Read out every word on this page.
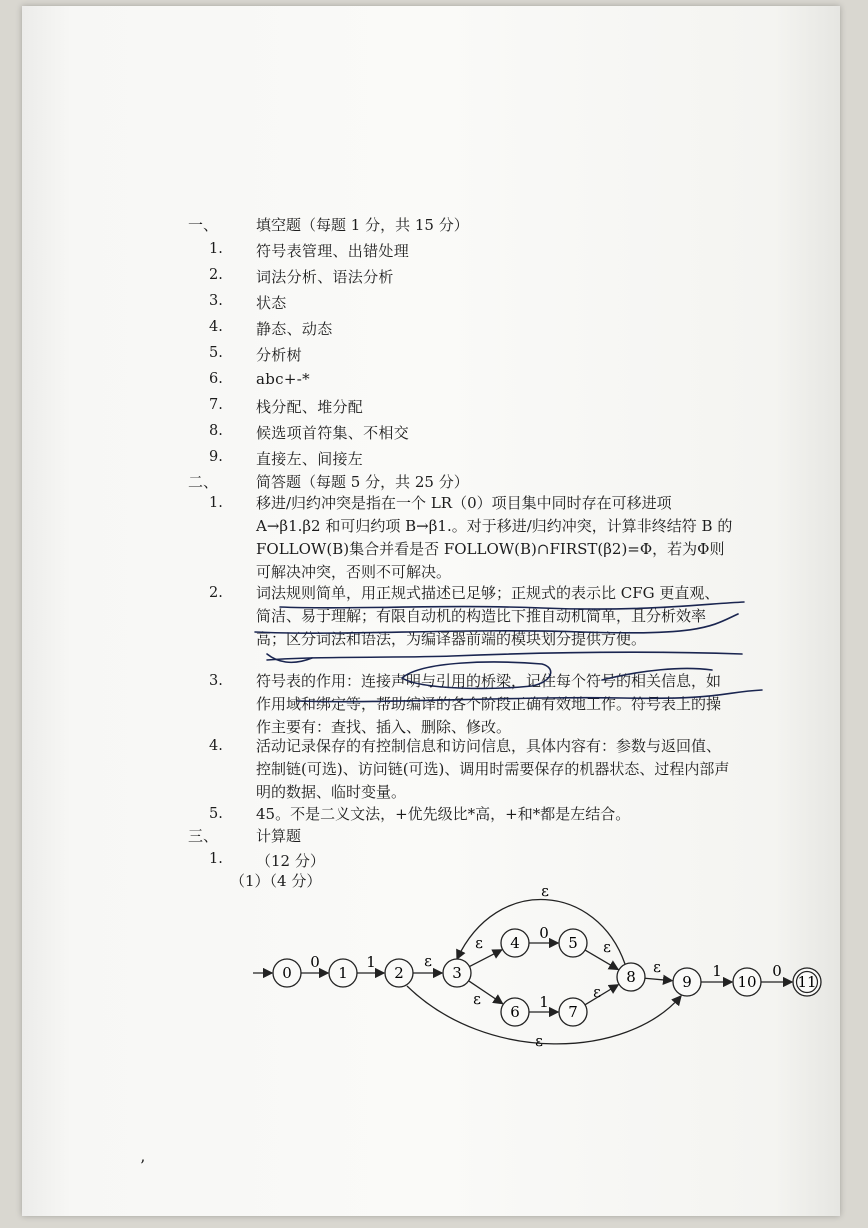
一、	填空题（每题 1 分，共 15 分）
1. 符号表管理、出错处理
2. 词法分析、语法分析
3. 状态
4. 静态、动态
5. 分析树
6. abc+-*
7. 栈分配、堆分配
8. 候选项首符集、不相交
9. 直接左、间接左
二、	简答题（每题 5 分，共 25 分）
1. 移进/归约冲突是指在一个 LR（0）项目集中同时存在可移进项 A→β1.β2 和可归约项 B→β1.。对于移进/归约冲突，计算非终结符 B 的 FOLLOW(B)集合并看是否 FOLLOW(B)∩FIRST(β2)=Φ，若为Φ则可解决冲突，否则不可解决。
2. 词法规则简单，用正规式描述已足够；正规式的表示比 CFG 更直观、简洁、易于理解；有限自动机的构造比下推自动机简单，且分析效率高；区分词法和语法，为编译器前端的模块划分提供方便。
3. 符号表的作用：连接声明与引用的桥梁，记住每个符号的相关信息，如作用域和绑定等，帮助编译的各个阶段正确有效地工作。符号表上的操作主要有：查找、插入、删除、修改。
4. 活动记录保存的有控制信息和访问信息，具体内容有：参数与返回值、控制链(可选)、访问链(可选)、调用时需要保存的机器状态、过程内部声明的数据、临时变量。
5. 45。不是二义文法，+优先级比*高，+和*都是左结合。
三、	计算题
1. （12 分）
（1）（4 分）
0	1	2	3
4	5
6	7
8	9	10	11
0	1	ε
ε
0
ε
ε	1
ε
ε	1	0
ε
ε
’
